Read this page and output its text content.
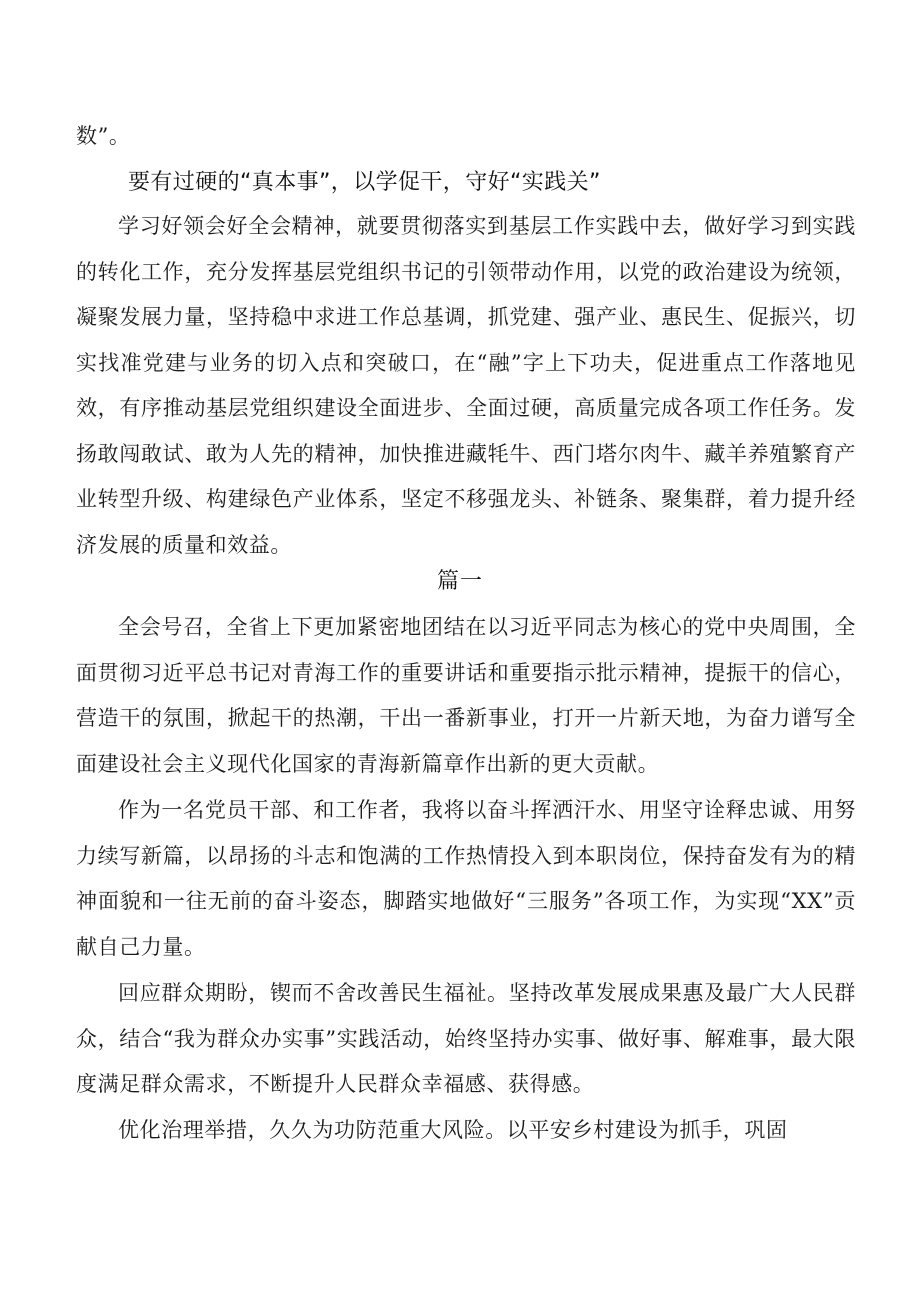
数”。

要有过硬的“真本事”，以学促干，守好“实践关”

学习好领会好全会精神，就要贯彻落实到基层工作实践中去，做好学习到实践的转化工作，充分发挥基层党组织书记的引领带动作用，以党的政治建设为统领，凝聚发展力量，坚持稳中求进工作总基调，抓党建、强产业、惠民生、促振兴，切实找准党建与业务的切入点和突破口，在“融”字上下功夫，促进重点工作落地见效，有序推动基层党组织建设全面进步、全面过硬，高质量完成各项工作任务。发扬敢闯敢试、敢为人先的精神，加快推进藏牦牛、西门塔尔肉牛、藏羊养殖繁育产业转型升级、构建绿色产业体系，坚定不移强龙头、补链条、聚集群，着力提升经济发展的质量和效益。

篇一

全会号召，全省上下更加紧密地团结在以习近平同志为核心的党中央周围，全面贯彻习近平总书记对青海工作的重要讲话和重要指示批示精神，提振干的信心，营造干的氛围，掀起干的热潮，干出一番新事业，打开一片新天地，为奋力谱写全面建设社会主义现代化国家的青海新篇章作出新的更大贡献。

作为一名党员干部、和工作者，我将以奋斗挥洒汗水、用坚守诠释忠诚、用努力续写新篇，以昂扬的斗志和饱满的工作热情投入到本职岗位，保持奋发有为的精神面貌和一往无前的奋斗姿态，脚踏实地做好“三服务”各项工作，为实现“XX”贡献自己力量。

回应群众期盼，锲而不舍改善民生福祉。坚持改革发展成果惠及最广大人民群众，结合“我为群众办实事”实践活动，始终坚持办实事、做好事、解难事，最大限度满足群众需求，不断提升人民群众幸福感、获得感。

优化治理举措，久久为功防范重大风险。以平安乡村建设为抓手，巩固
